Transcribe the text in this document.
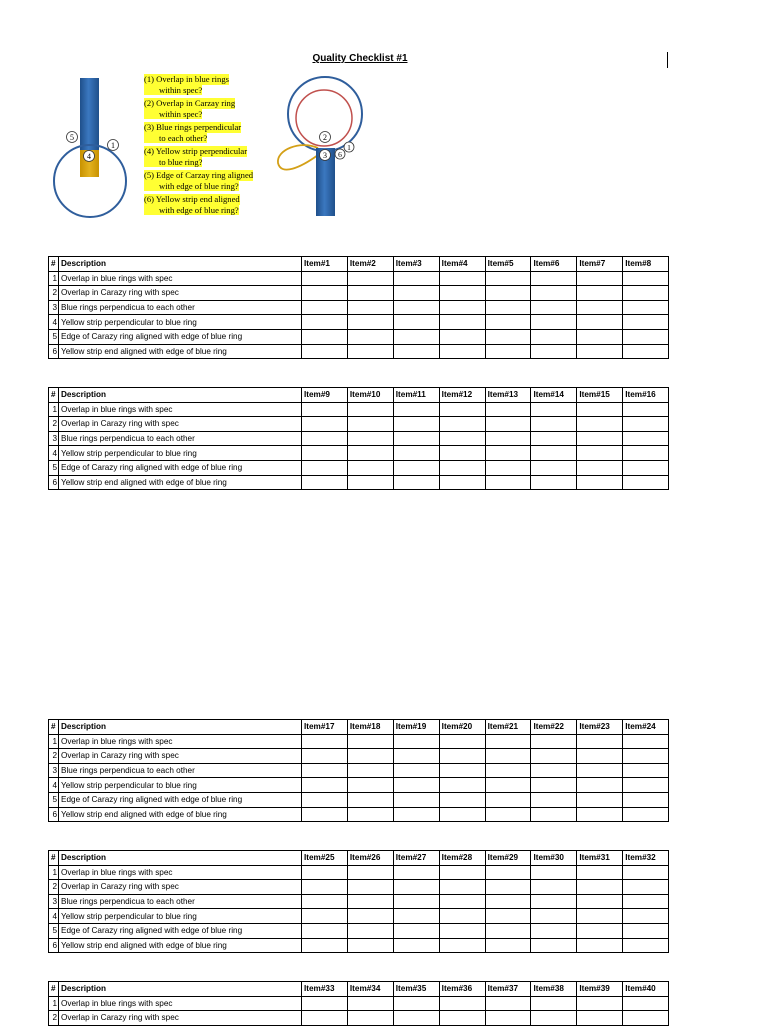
Quality Checklist #1
5
4
1
2
3 6
1
(1) Overlap in blue rings
within spec?
(2) Overlap in Carzay ring
within spec?
(3) Blue rings perpendicular
to each other?
(4) Yellow strip perpendicular
to blue ring?
(5) Edge of Carzay ring aligned
with edge of blue ring?
(6) Yellow strip end aligned
with edge of blue ring?
#	Description	Item#1	Item#2	Item#3	Item#4	Item#5	Item#6	Item#7	Item#8
1	Overlap in blue rings with spec								
2	Overlap in Carazy ring with spec								
3	Blue rings perpendicua to each other								
4	Yellow strip perpendicular to blue ring								
5	Edge of Carazy ring aligned with edge of blue ring								
6	Yellow strip end aligned with edge of blue ring								
#	Description	Item#9	Item#10	Item#11	Item#12	Item#13	Item#14	Item#15	Item#16
1	Overlap in blue rings with spec								
2	Overlap in Carazy ring with spec								
3	Blue rings perpendicua to each other								
4	Yellow strip perpendicular to blue ring								
5	Edge of Carazy ring aligned with edge of blue ring								
6	Yellow strip end aligned with edge of blue ring								
#	Description	Item#17	Item#18	Item#19	Item#20	Item#21	Item#22	Item#23	Item#24
1	Overlap in blue rings with spec								
2	Overlap in Carazy ring with spec								
3	Blue rings perpendicua to each other								
4	Yellow strip perpendicular to blue ring								
5	Edge of Carazy ring aligned with edge of blue ring								
6	Yellow strip end aligned with edge of blue ring								
#	Description	Item#25	Item#26	Item#27	Item#28	Item#29	Item#30	Item#31	Item#32
1	Overlap in blue rings with spec								
2	Overlap in Carazy ring with spec								
3	Blue rings perpendicua to each other								
4	Yellow strip perpendicular to blue ring								
5	Edge of Carazy ring aligned with edge of blue ring								
6	Yellow strip end aligned with edge of blue ring								
#	Description	Item#33	Item#34	Item#35	Item#36	Item#37	Item#38	Item#39	Item#40
1	Overlap in blue rings with spec								
2	Overlap in Carazy ring with spec								
